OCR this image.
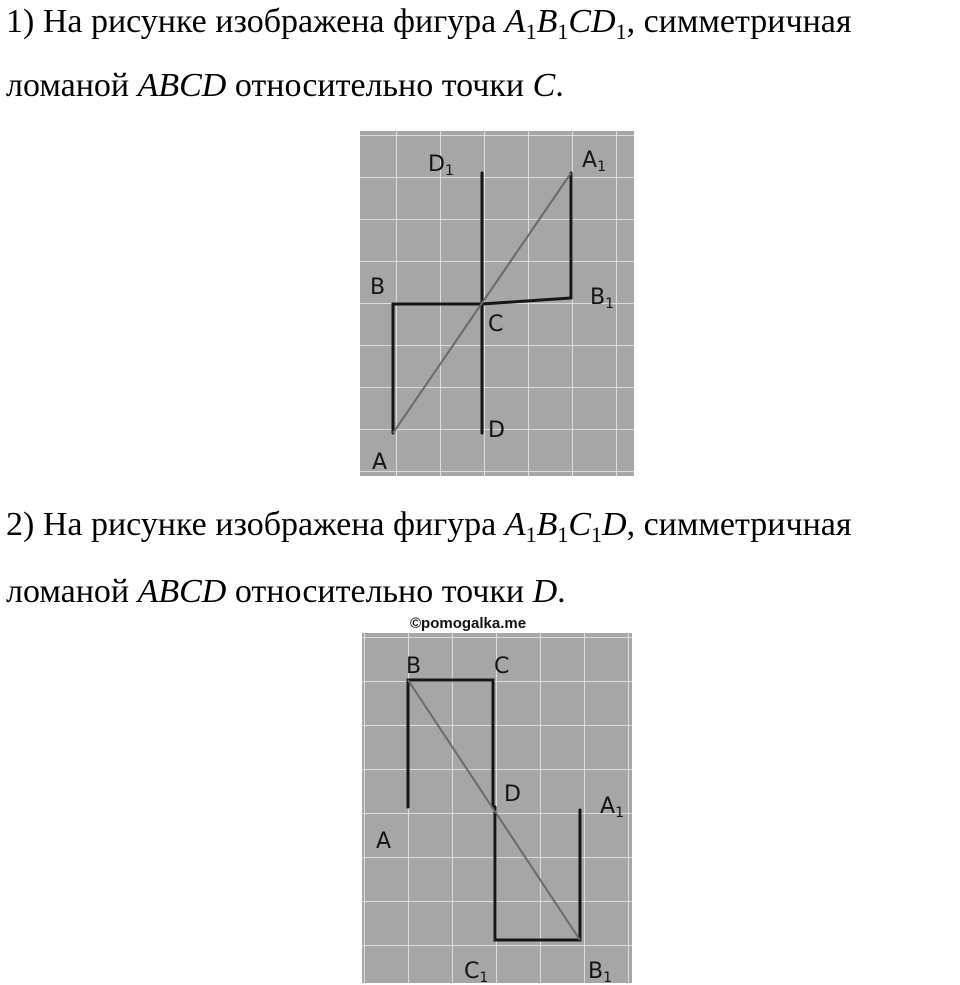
1) На рисунке изображена фигура $A_1B_1CD_1$, симметричная
ломаной ABCD относительно точки C.
D1	A1
B	B1
C
D
A
2) На рисунке изображена фигура $A_1B_1C_1D$, симметричная
ломаной ABCD относительно точки D.
B	C
D	A1
A
C1	B1
©pomogalka.me
